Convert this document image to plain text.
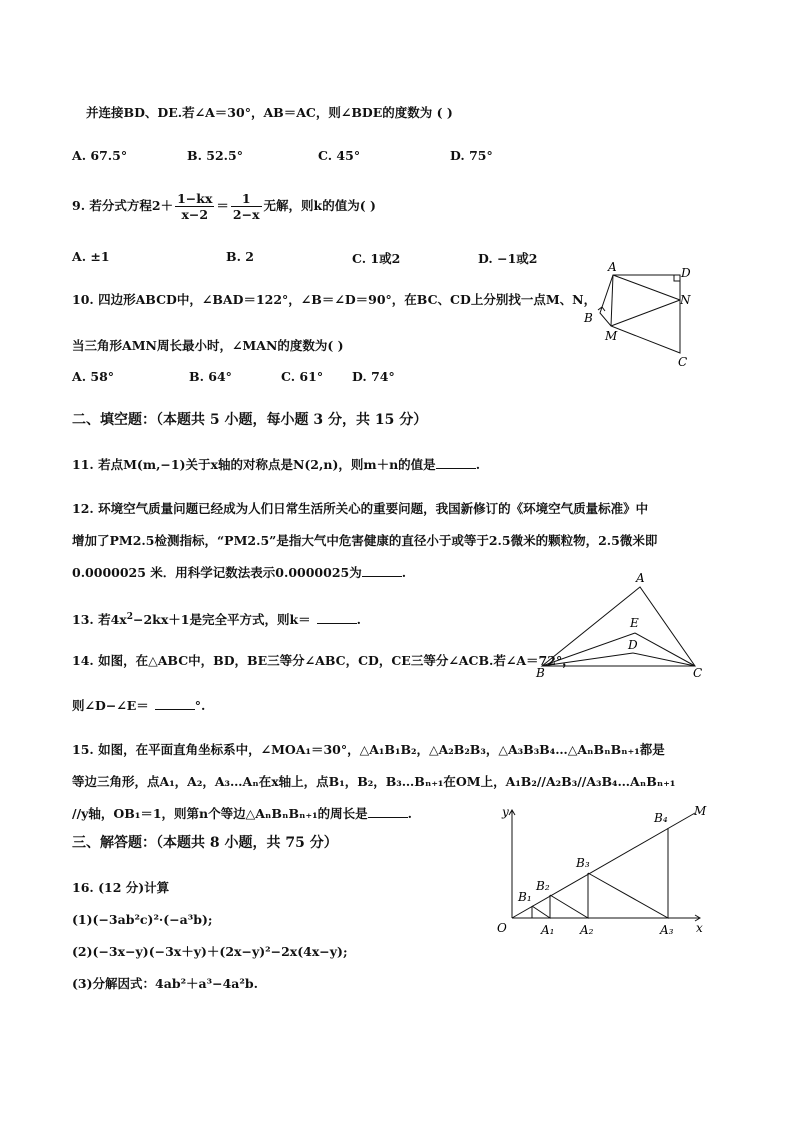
并连接BD、DE.若∠A＝30°，AB＝AC，则∠BDE的度数为 ( )
A. 67.5°	B. 52.5°	C. 45°	D. 75°
9. 若分式方程$2+ \frac{1-kx}{x-2} = \frac{1}{2-x}$ 无解，则k的值为( )
A. ±1	B. 2	C. 1或2	D. −1或2
10. 四边形ABCD中，∠BAD＝122°，∠B＝∠D＝90°，在BC、CD上分别找一点M、N，
当三角形AMN周长最小时，∠MAN的度数为( )
A. 58°	B. 64°	C. 61° D. 74°
A	D
N
B
M
C
二、填空题：（本题共 5 小题，每小题 3 分，共 15 分）
11. 若点M(m,−1)关于x轴的对称点是N(2,n)，则m＋n的值是	.
12. 环境空气质量问题已经成为人们日常生活所关心的重要问题，我国新修订的《环境空气质量标准》中
增加了PM2.5检测指标，“PM2.5”是指大气中危害健康的直径小于或等于2.5微米的颗粒物，2.5微米即
0.0000025 米．用科学记数法表示0.0000025为	.
13. 若$4x^2-2kx+1$是完全平方式，则k＝	.
14. 如图，在△ABC中，BD，BE三等分∠ABC，CD，CE三等分∠ACB.若∠A＝72°，
则∠D−∠E＝	°.
A
E
D
B	C
15. 如图，在平面直角坐标系中，∠MOA₁＝30°，△A₁B₁B₂，△A₂B₂B₃，△A₃B₃B₄…△AₙBₙBₙ₊₁都是
等边三角形，点A₁，A₂，A₃…Aₙ在x轴上，点B₁，B₂，B₃…Bₙ₊₁在OM上，A₁B₂//A₂B₃//A₃B₄…AₙBₙ₊₁
//y轴，OB₁＝1，则第n个等边△AₙBₙBₙ₊₁的周长是	.	y
x
O
M
A₁ A₂	A₃
B₁
B₂
B₃
B₄
三、解答题：（本题共 8 小题，共 75 分）
16. (12 分)计算
(1)(−3ab²c)²·(−a³b);
(2)(−3x−y)(−3x＋y)＋(2x−y)²−2x(4x−y);
(3)分解因式：4ab²＋a³−4a²b.
